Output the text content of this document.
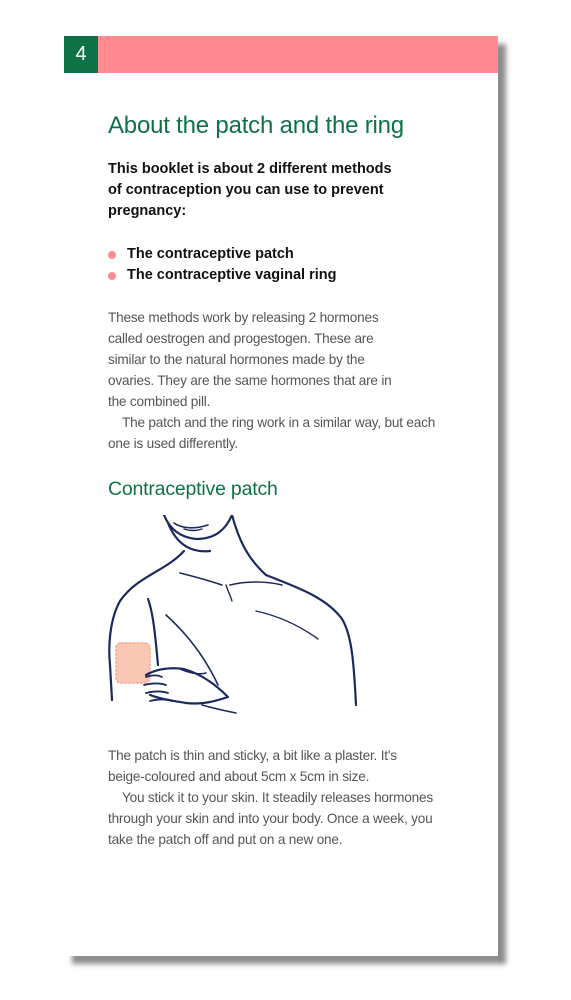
4
About the patch and the ring

This booklet is about 2 different methods of contraception you can use to prevent pregnancy:

The contraceptive patch
The contraceptive vaginal ring

These methods work by releasing 2 hormones called oestrogen and progestogen. These are similar to the natural hormones made by the ovaries. They are the same hormones that are in the combined pill.

The patch and the ring work in a similar way, but each one is used differently.

Contraceptive patch

The patch is thin and sticky, a bit like a plaster. It's beige-coloured and about 5cm x 5cm in size.

You stick it to your skin. It steadily releases hormones through your skin and into your body. Once a week, you take the patch off and put on a new one.
